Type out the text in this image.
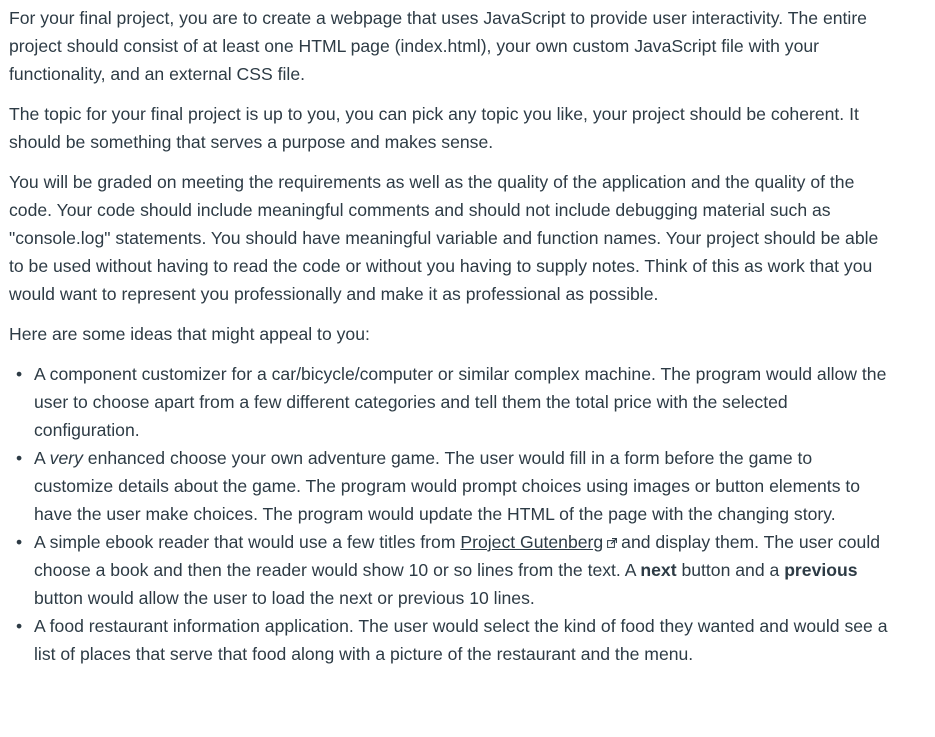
For your final project, you are to create a webpage that uses JavaScript to provide user interactivity. The entire project should consist of at least one HTML page (index.html), your own custom JavaScript file with your functionality, and an external CSS file.

The topic for your final project is up to you, you can pick any topic you like, your project should be coherent. It should be something that serves a purpose and makes sense.

You will be graded on meeting the requirements as well as the quality of the application and the quality of the code. Your code should include meaningful comments and should not include debugging material such as "console.log" statements. You should have meaningful variable and function names. Your project should be able to be used without having to read the code or without you having to supply notes. Think of this as work that you would want to represent you professionally and make it as professional as possible.

Here are some ideas that might appeal to you:

• A component customizer for a car/bicycle/computer or similar complex machine. The program would allow the user to choose apart from a few different categories and tell them the total price with the selected configuration.
• A very enhanced choose your own adventure game. The user would fill in a form before the game to customize details about the game. The program would prompt choices using images or button elements to have the user make choices. The program would update the HTML of the page with the changing story.
• A simple ebook reader that would use a few titles from Project Gutenberg and display them. The user could choose a book and then the reader would show 10 or so lines from the text. A next button and a previous button would allow the user to load the next or previous 10 lines.
• A food restaurant information application. The user would select the kind of food they wanted and would see a list of places that serve that food along with a picture of the restaurant and the menu.
